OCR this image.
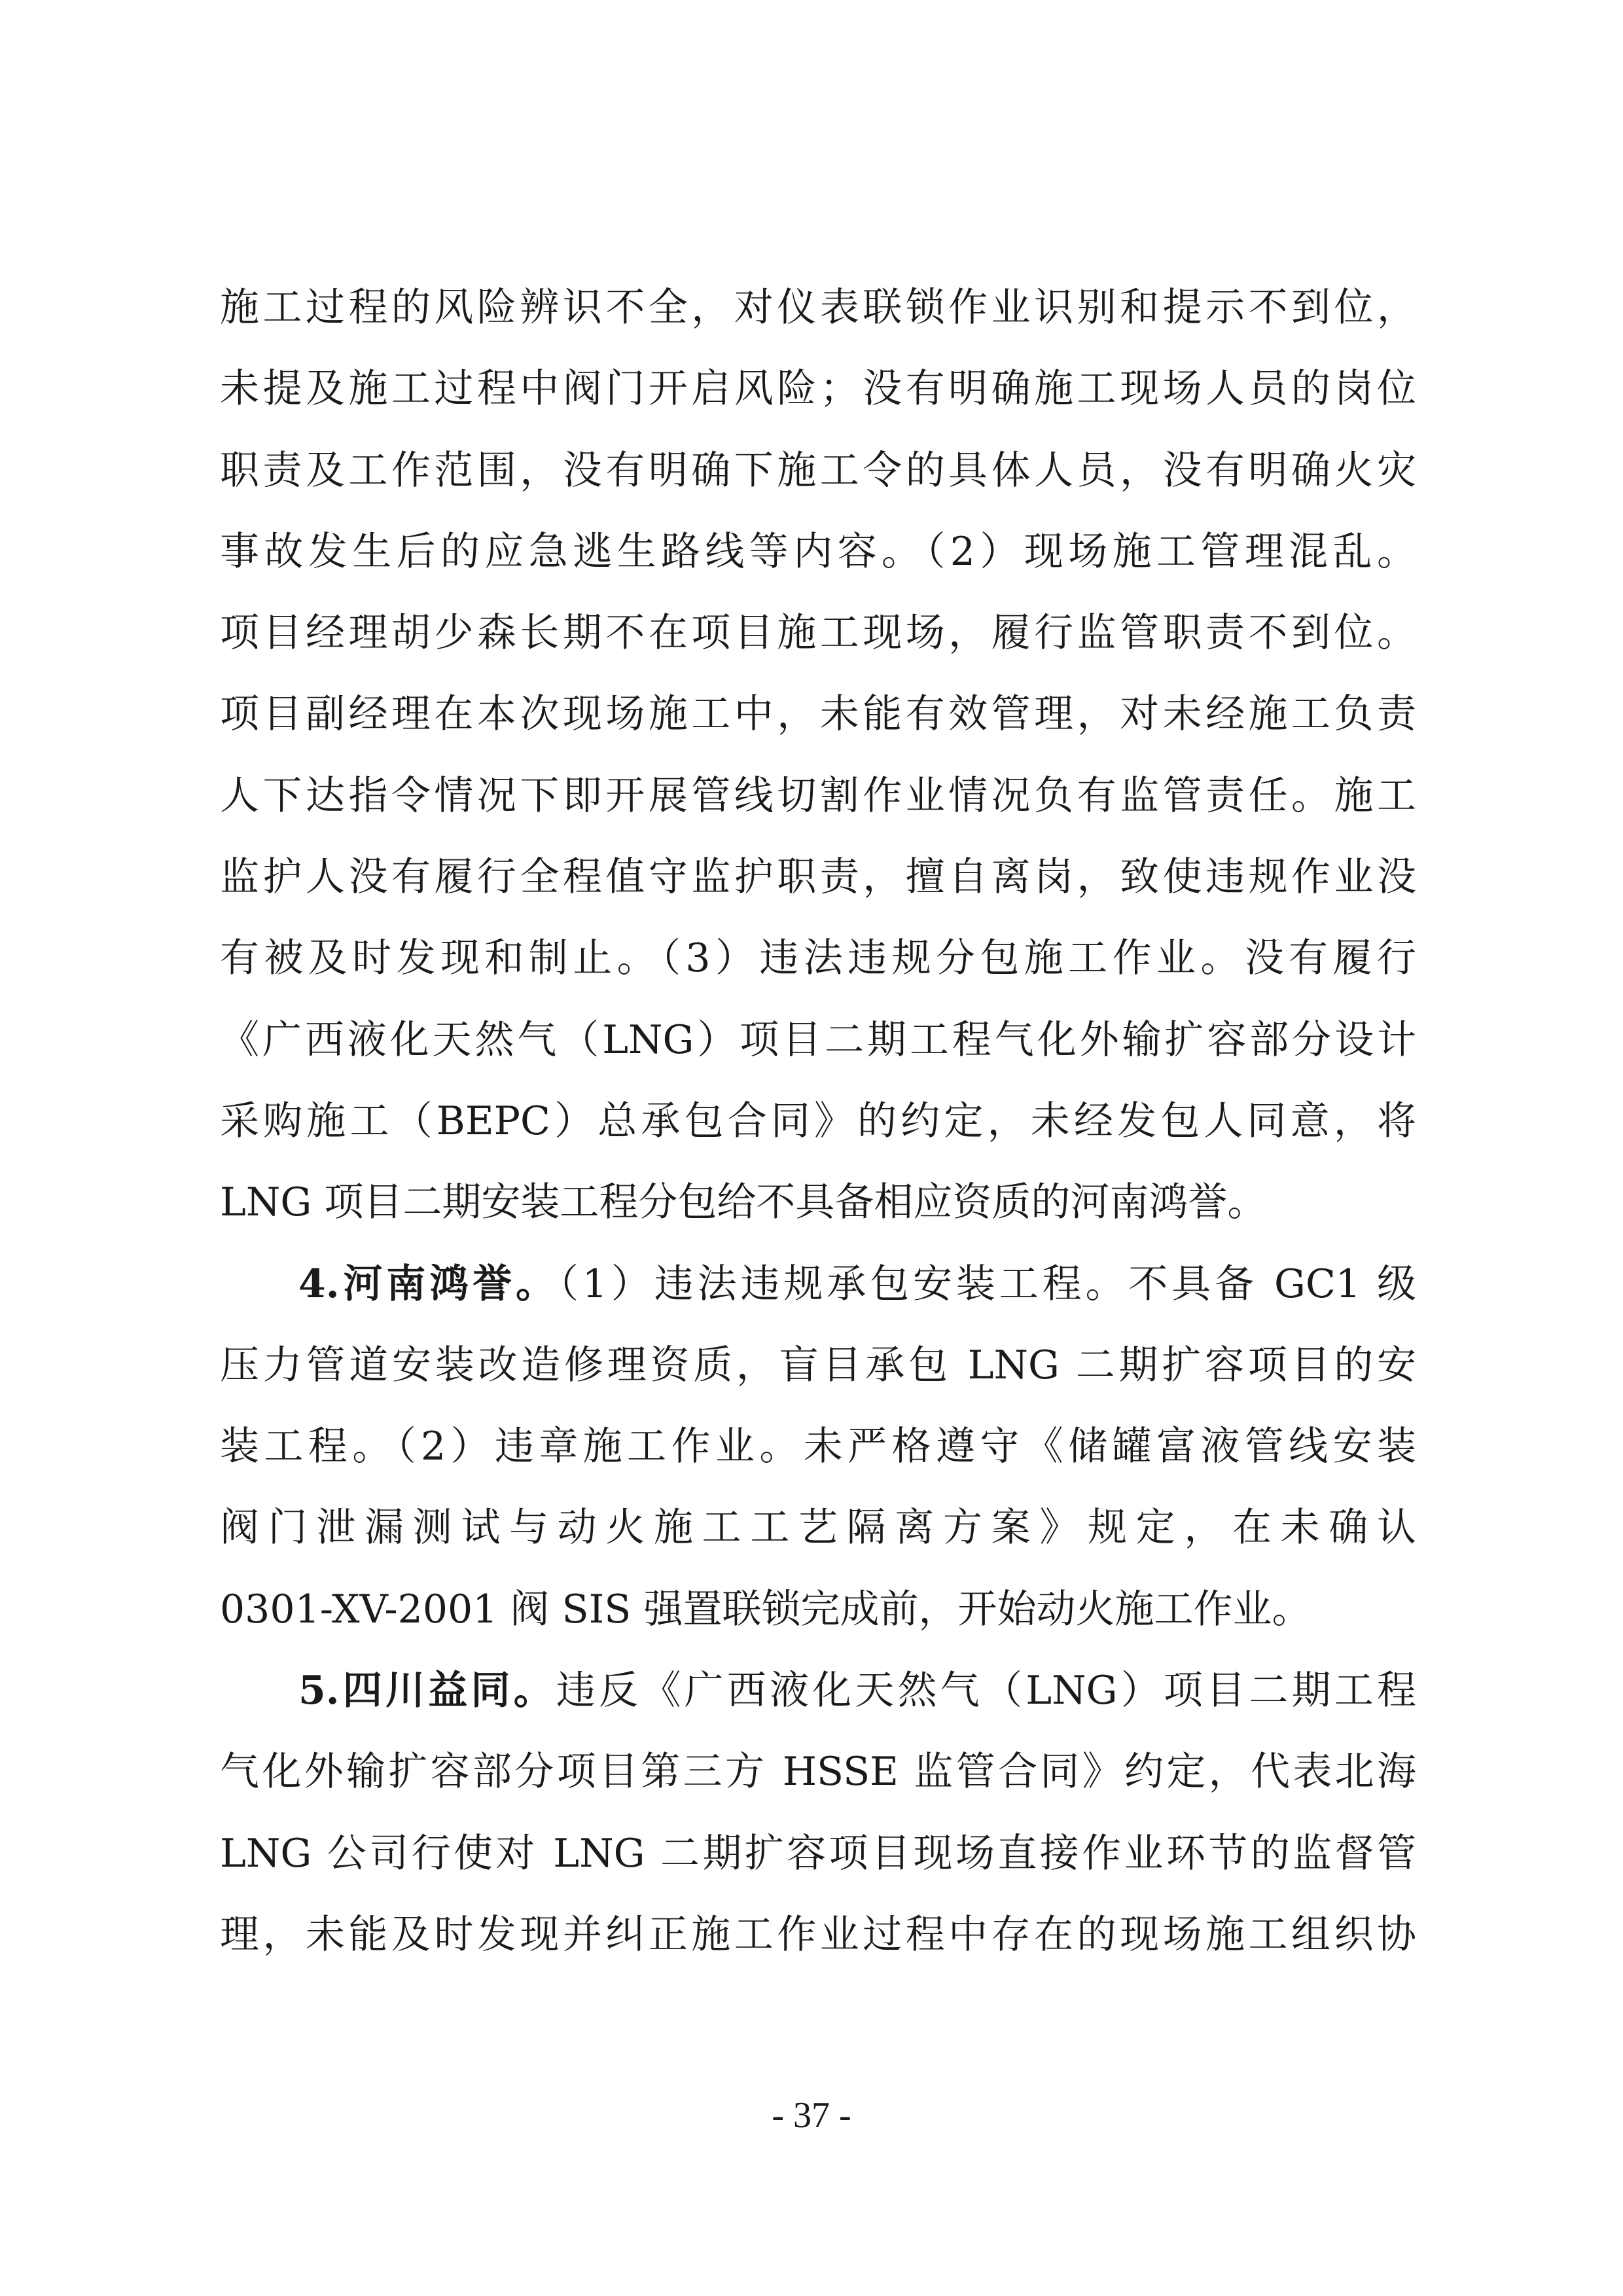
施工过程的风险辨识不全，对仪表联锁作业识别和提示不到位，
未提及施工过程中阀门开启风险；没有明确施工现场人员的岗位
职责及工作范围，没有明确下施工令的具体人员，没有明确火灾
事故发生后的应急逃生路线等内容。（2）现场施工管理混乱。
项目经理胡少森长期不在项目施工现场，履行监管职责不到位。
项目副经理在本次现场施工中，未能有效管理，对未经施工负责
人下达指令情况下即开展管线切割作业情况负有监管责任。施工
监护人没有履行全程值守监护职责，擅自离岗，致使违规作业没
有被及时发现和制止。（3）违法违规分包施工作业。没有履行
《广西液化天然气（LNG）项目二期工程气化外输扩容部分设计
采购施工（BEPC）总承包合同》的约定，未经发包人同意，将
LNG 项目二期安装工程分包给不具备相应资质的河南鸿誉。
4.河南鸿誉。（1）违法违规承包安装工程。不具备 GC1 级
压力管道安装改造修理资质，盲目承包 LNG 二期扩容项目的安
装工程。（2）违章施工作业。未严格遵守《储罐富液管线安装
阀门泄漏测试与动火施工工艺隔离方案》规定，在未确认
0301-XV-2001 阀 SIS 强置联锁完成前，开始动火施工作业。
5.四川益同。违反《广西液化天然气（LNG）项目二期工程
气化外输扩容部分项目第三方 HSSE 监管合同》约定，代表北海
LNG 公司行使对 LNG 二期扩容项目现场直接作业环节的监督管
理，未能及时发现并纠正施工作业过程中存在的现场施工组织协
- 37 -
